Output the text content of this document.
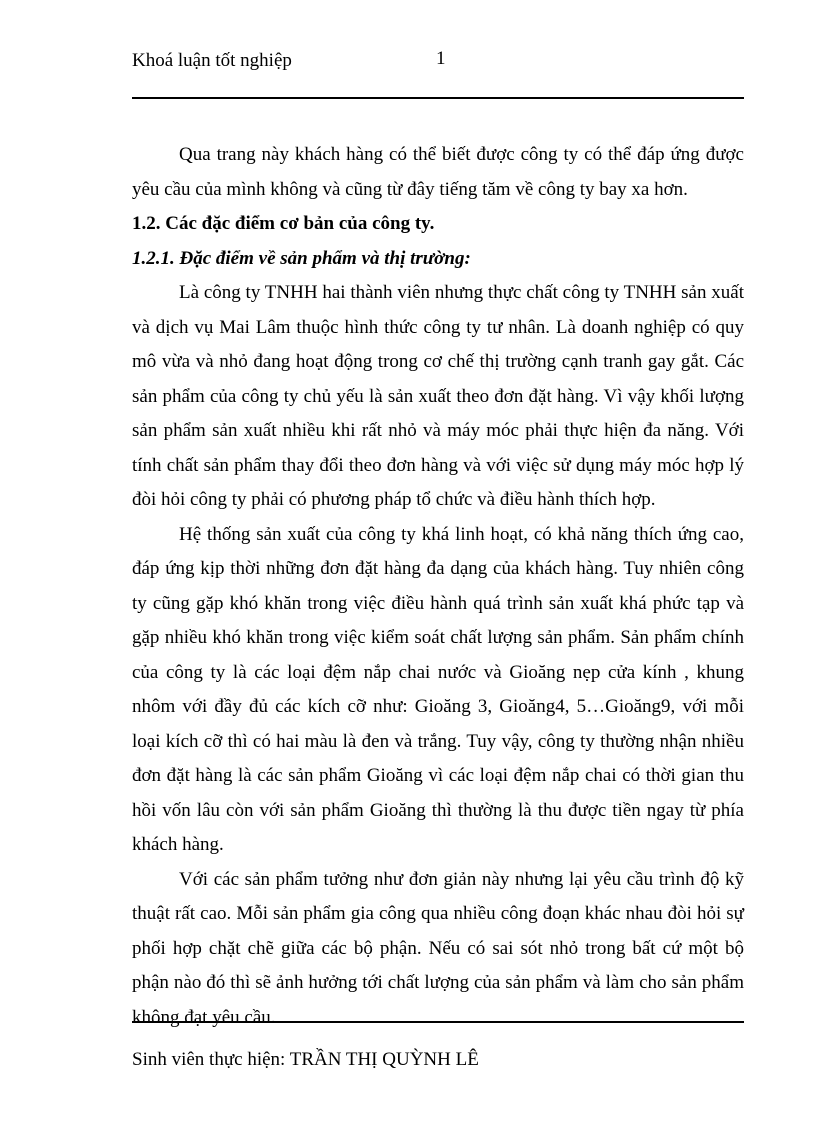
Khoá luận tốt nghiệp	1

Qua trang này khách hàng có thể biết được công ty có thể đáp ứng được yêu cầu của mình không và cũng từ đây tiếng tăm về công ty bay xa hơn.

1.2. Các đặc điểm cơ bản của công ty.

1.2.1. Đặc điểm về sản phẩm và thị trường:

Là công ty TNHH hai thành viên nhưng thực chất công ty TNHH sản xuất và dịch vụ Mai Lâm thuộc hình thức công ty tư nhân. Là doanh nghiệp có quy mô vừa và nhỏ đang hoạt động trong cơ chế thị trường cạnh tranh gay gắt. Các sản phẩm của công ty chủ yếu là sản xuất theo đơn đặt hàng. Vì vậy khối lượng sản phẩm sản xuất nhiều khi rất nhỏ và máy móc phải thực hiện đa năng. Với tính chất sản phẩm thay đổi theo đơn hàng và với việc sử dụng máy móc hợp lý đòi hỏi công ty phải có phương pháp tổ chức và điều hành thích hợp.

Hệ thống sản xuất của công ty khá linh hoạt, có khả năng thích ứng cao, đáp ứng kịp thời những đơn đặt hàng đa dạng của khách hàng. Tuy nhiên công ty cũng gặp khó khăn trong việc điều hành quá trình sản xuất khá phức tạp và gặp nhiều khó khăn trong việc kiểm soát chất lượng sản phẩm. Sản phẩm chính của công ty là các loại đệm nắp chai nước và Gioăng nẹp cửa kính , khung nhôm với đầy đủ các kích cỡ như: Gioăng 3, Gioăng4, 5…Gioăng9, với mỗi loại kích cỡ thì có hai màu là đen và trắng. Tuy vậy, công ty thường nhận nhiều đơn đặt hàng là các sản phẩm Gioăng vì các loại đệm nắp chai có thời gian thu hồi vốn lâu còn với sản phẩm Gioăng thì thường là thu được tiền ngay từ phía khách hàng.

Với các sản phẩm tưởng như đơn giản này nhưng lại yêu cầu trình độ kỹ thuật rất cao. Mỗi sản phẩm gia công qua nhiều công đoạn khác nhau đòi hỏi sự phối hợp chặt chẽ giữa các bộ phận. Nếu có sai sót nhỏ trong bất cứ một bộ phận nào đó thì sẽ ảnh hưởng tới chất lượng của sản phẩm và làm cho sản phẩm không đạt yêu cầu.

Sinh viên thực hiện: TRẦN THỊ QUỲNH LÊ
